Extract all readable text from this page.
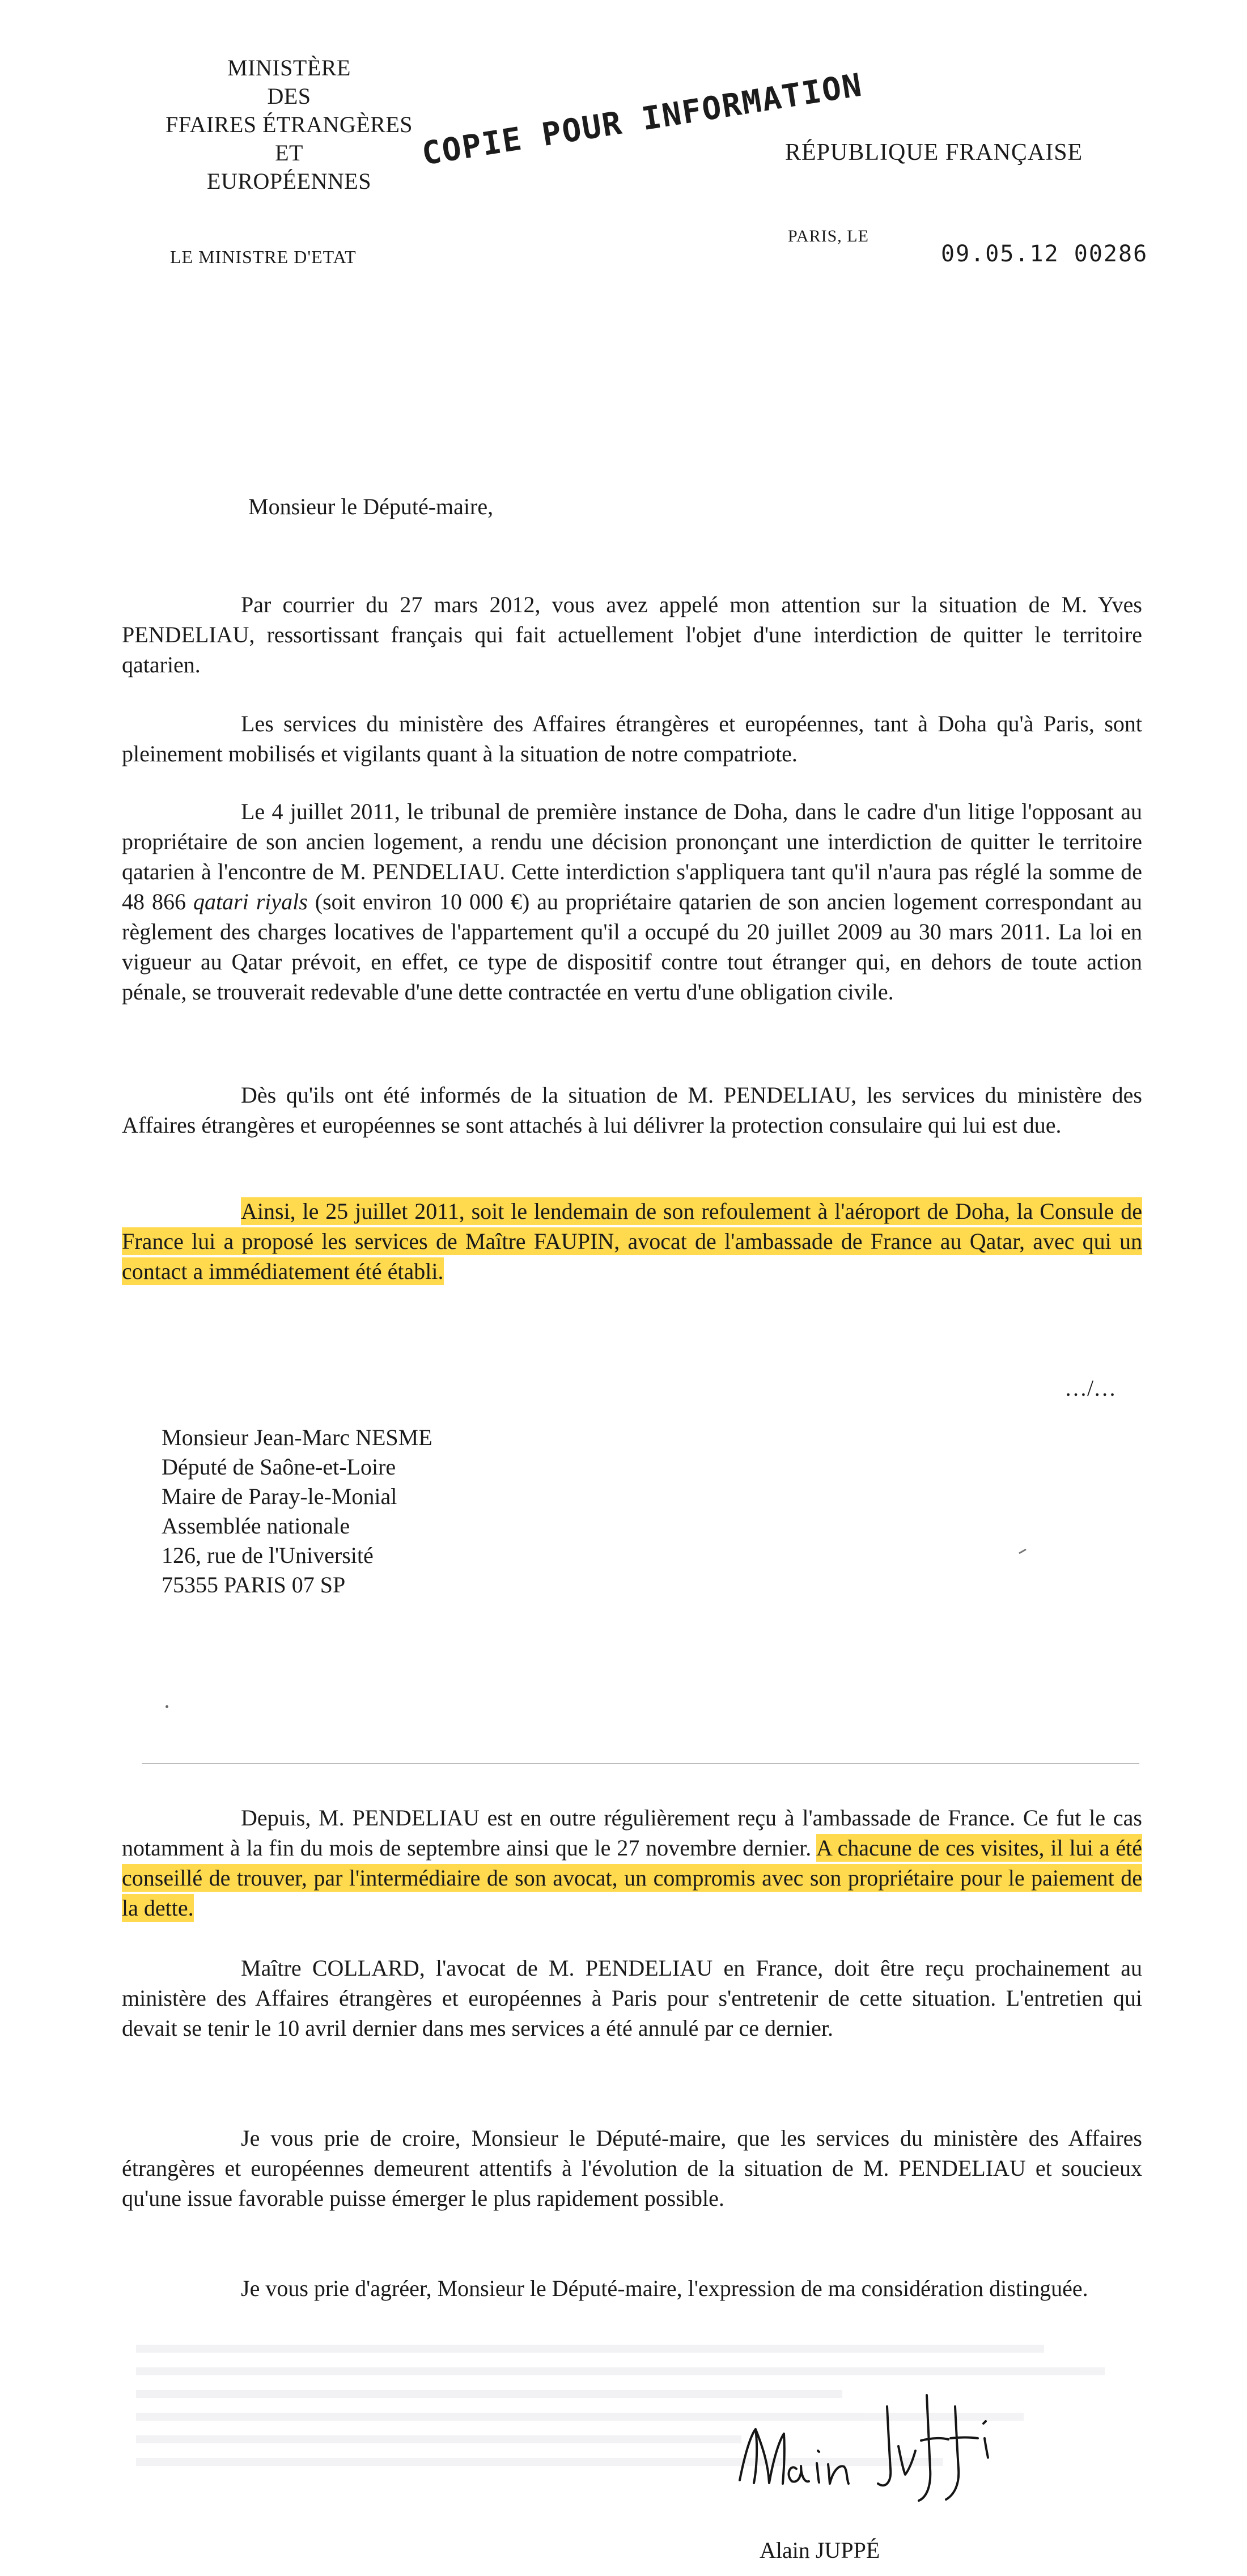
MINISTÈRE
DES
FFAIRES ÉTRANGÈRES
ET
EUROPÉENNES
LE MINISTRE D'ETAT
COPIE POUR INFORMATION
RÉPUBLIQUE FRANÇAISE
PARIS, LE
09.05.12 00286
Monsieur le Député-maire,

Par courrier du 27 mars 2012, vous avez appelé mon attention sur la situation de M. Yves PENDELIAU, ressortissant français qui fait actuellement l'objet d'une interdiction de quitter le territoire qatarien.

Les services du ministère des Affaires étrangères et européennes, tant à Doha qu'à Paris, sont pleinement mobilisés et vigilants quant à la situation de notre compatriote.

Le 4 juillet 2011, le tribunal de première instance de Doha, dans le cadre d'un litige l'opposant au propriétaire de son ancien logement, a rendu une décision prononçant une interdiction de quitter le territoire qatarien à l'encontre de M. PENDELIAU. Cette interdiction s'appliquera tant qu'il n'aura pas réglé la somme de 48 866 qatari riyals (soit environ 10 000 €) au propriétaire qatarien de son ancien logement correspondant au règlement des charges locatives de l'appartement qu'il a occupé du 20 juillet 2009 au 30 mars 2011. La loi en vigueur au Qatar prévoit, en effet, ce type de dispositif contre tout étranger qui, en dehors de toute action pénale, se trouverait redevable d'une dette contractée en vertu d'une obligation civile.

Dès qu'ils ont été informés de la situation de M. PENDELIAU, les services du ministère des Affaires étrangères et européennes se sont attachés à lui délivrer la protection consulaire qui lui est due.

Ainsi, le 25 juillet 2011, soit le lendemain de son refoulement à l'aéroport de Doha, la Consule de France lui a proposé les services de Maître FAUPIN, avocat de l'ambassade de France au Qatar, avec qui un contact a immédiatement été établi.

…/…
Monsieur Jean-Marc NESME
Député de Saône-et-Loire
Maire de Paray-le-Monial
Assemblée nationale
126, rue de l'Université
75355 PARIS 07 SP

Depuis, M. PENDELIAU est en outre régulièrement reçu à l'ambassade de France. Ce fut le cas notamment à la fin du mois de septembre ainsi que le 27 novembre dernier. A chacune de ces visites, il lui a été conseillé de trouver, par l'intermédiaire de son avocat, un compromis avec son propriétaire pour le paiement de la dette.

Maître COLLARD, l'avocat de M. PENDELIAU en France, doit être reçu prochainement au ministère des Affaires étrangères et européennes à Paris pour s'entretenir de cette situation. L'entretien qui devait se tenir le 10 avril dernier dans mes services a été annulé par ce dernier.

Je vous prie de croire, Monsieur le Député-maire, que les services du ministère des Affaires étrangères et européennes demeurent attentifs à l'évolution de la situation de M. PENDELIAU et soucieux qu'une issue favorable puisse émerger le plus rapidement possible.

Je vous prie d'agréer, Monsieur le Député-maire, l'expression de ma considération distinguée.

Alain JUPPÉ
